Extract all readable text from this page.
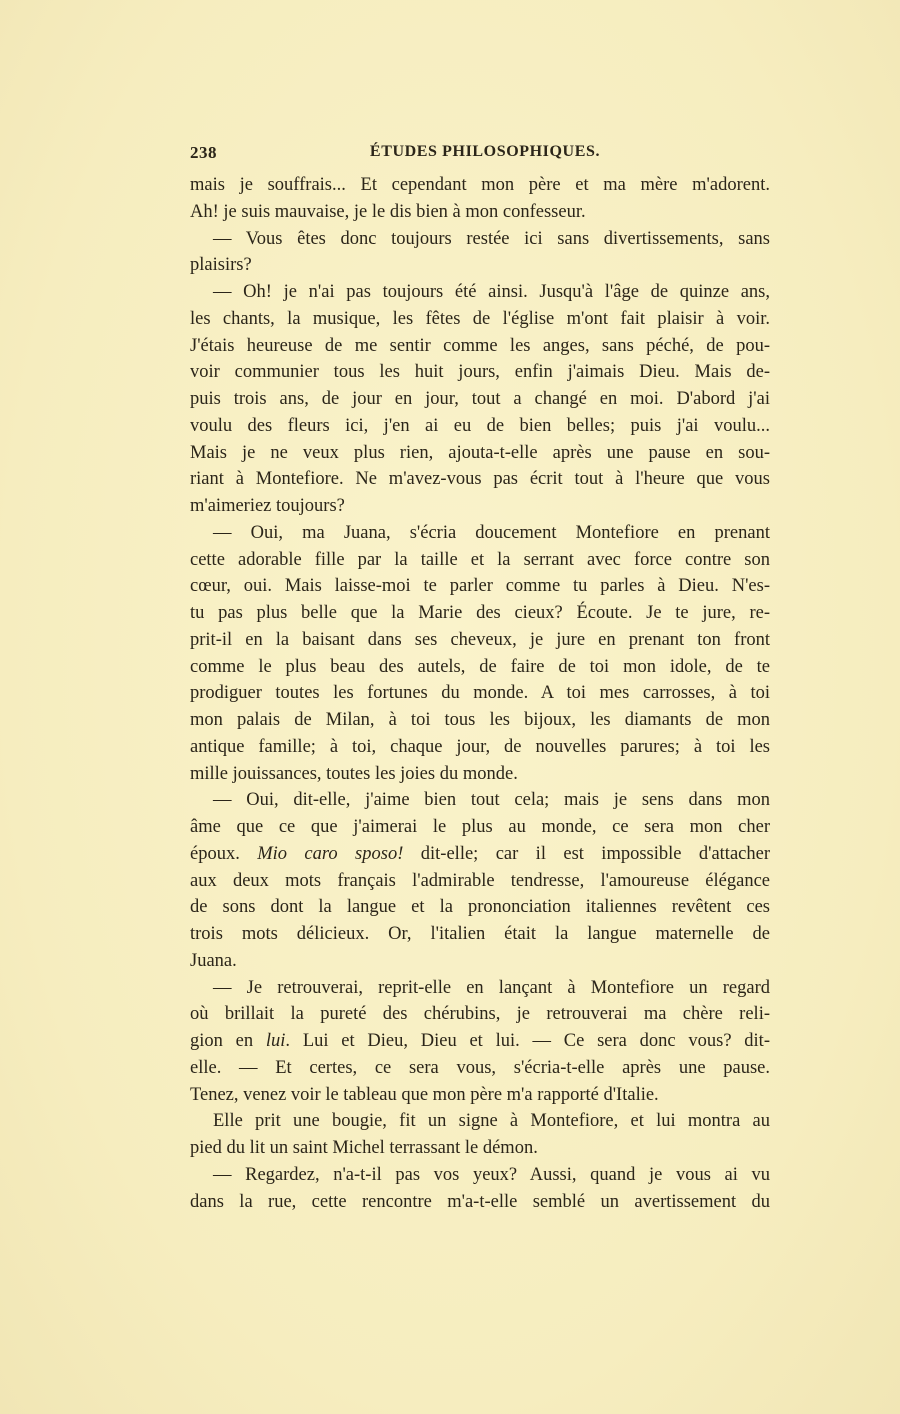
238	ÉTUDES PHILOSOPHIQUES.
mais je souffrais... Et cependant mon père et ma mère m'adorent.
Ah! je suis mauvaise, je le dis bien à mon confesseur.
— Vous êtes donc toujours restée ici sans divertissements, sans
plaisirs?
— Oh! je n'ai pas toujours été ainsi. Jusqu'à l'âge de quinze ans,
les chants, la musique, les fêtes de l'église m'ont fait plaisir à voir.
J'étais heureuse de me sentir comme les anges, sans péché, de pou-
voir communier tous les huit jours, enfin j'aimais Dieu. Mais de-
puis trois ans, de jour en jour, tout a changé en moi. D'abord j'ai
voulu des fleurs ici, j'en ai eu de bien belles; puis j'ai voulu...
Mais je ne veux plus rien, ajouta-t-elle après une pause en sou-
riant à Montefiore. Ne m'avez-vous pas écrit tout à l'heure que vous
m'aimeriez toujours?
— Oui, ma Juana, s'écria doucement Montefiore en prenant
cette adorable fille par la taille et la serrant avec force contre son
cœur, oui. Mais laisse-moi te parler comme tu parles à Dieu. N'es-
tu pas plus belle que la Marie des cieux? Écoute. Je te jure, re-
prit-il en la baisant dans ses cheveux, je jure en prenant ton front
comme le plus beau des autels, de faire de toi mon idole, de te
prodiguer toutes les fortunes du monde. A toi mes carrosses, à toi
mon palais de Milan, à toi tous les bijoux, les diamants de mon
antique famille; à toi, chaque jour, de nouvelles parures; à toi les
mille jouissances, toutes les joies du monde.
— Oui, dit-elle, j'aime bien tout cela; mais je sens dans mon
âme que ce que j'aimerai le plus au monde, ce sera mon cher
époux. Mio caro sposo! dit-elle; car il est impossible d'attacher
aux deux mots français l'admirable tendresse, l'amoureuse élégance
de sons dont la langue et la prononciation italiennes revêtent ces
trois mots délicieux. Or, l'italien était la langue maternelle de
Juana.
— Je retrouverai, reprit-elle en lançant à Montefiore un regard
où brillait la pureté des chérubins, je retrouverai ma chère reli-
gion en lui. Lui et Dieu, Dieu et lui. — Ce sera donc vous? dit-
elle. — Et certes, ce sera vous, s'écria-t-elle après une pause.
Tenez, venez voir le tableau que mon père m'a rapporté d'Italie.
Elle prit une bougie, fit un signe à Montefiore, et lui montra au
pied du lit un saint Michel terrassant le démon.
— Regardez, n'a-t-il pas vos yeux? Aussi, quand je vous ai vu
dans la rue, cette rencontre m'a-t-elle semblé un avertissement du
